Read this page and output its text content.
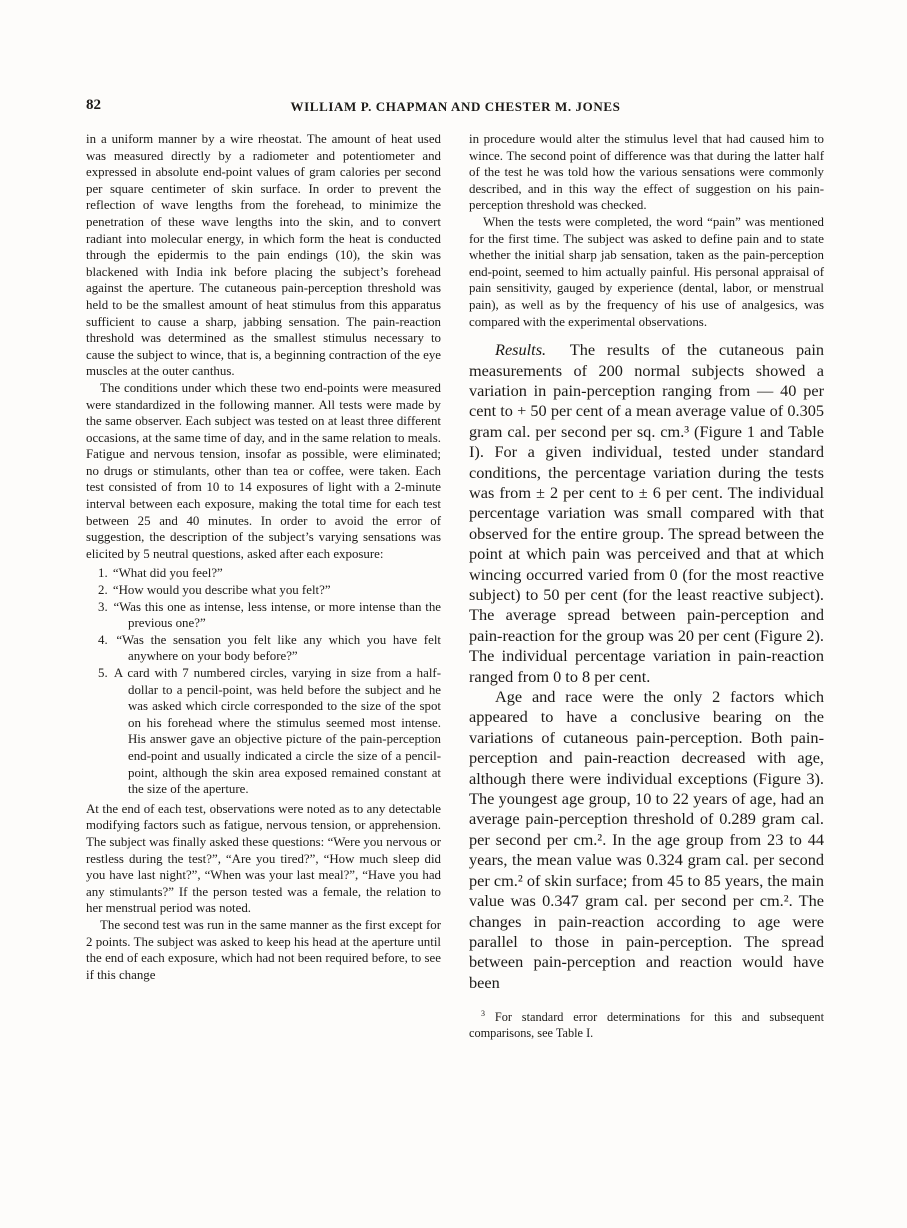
82	WILLIAM P. CHAPMAN AND CHESTER M. JONES

in a uniform manner by a wire rheostat. The amount of heat used was measured directly by a radiometer and potentiometer and expressed in absolute end-point values of gram calories per second per square centimeter of skin surface. In order to prevent the reflection of wave lengths from the forehead, to minimize the penetration of these wave lengths into the skin, and to convert radiant into molecular energy, in which form the heat is conducted through the epidermis to the pain endings (10), the skin was blackened with India ink before placing the subject’s forehead against the aperture. The cutaneous pain-perception threshold was held to be the smallest amount of heat stimulus from this apparatus sufficient to cause a sharp, jabbing sensation. The pain-reaction threshold was determined as the smallest stimulus necessary to cause the subject to wince, that is, a beginning contraction of the eye muscles at the outer canthus.

The conditions under which these two end-points were measured were standardized in the following manner. All tests were made by the same observer. Each subject was tested on at least three different occasions, at the same time of day, and in the same relation to meals. Fatigue and nervous tension, insofar as possible, were eliminated; no drugs or stimulants, other than tea or coffee, were taken. Each test consisted of from 10 to 14 exposures of light with a 2-minute interval between each exposure, making the total time for each test between 25 and 40 minutes. In order to avoid the error of suggestion, the description of the subject’s varying sensations was elicited by 5 neutral questions, asked after each exposure:

1. “What did you feel?”

2. “How would you describe what you felt?”

3. “Was this one as intense, less intense, or more intense than the previous one?”

4. “Was the sensation you felt like any which you have felt anywhere on your body before?”

5. A card with 7 numbered circles, varying in size from a half-dollar to a pencil-point, was held before the subject and he was asked which circle corresponded to the size of the spot on his forehead where the stimulus seemed most intense. His answer gave an objective picture of the pain-perception end-point and usually indicated a circle the size of a pencil-point, although the skin area exposed remained constant at the size of the aperture.

At the end of each test, observations were noted as to any detectable modifying factors such as fatigue, nervous tension, or apprehension. The subject was finally asked these questions: “Were you nervous or restless during the test?”, “Are you tired?”, “How much sleep did you have last night?”, “When was your last meal?”, “Have you had any stimulants?” If the person tested was a female, the relation to her menstrual period was noted.

The second test was run in the same manner as the first except for 2 points. The subject was asked to keep his head at the aperture until the end of each exposure, which had not been required before, to see if this change

in procedure would alter the stimulus level that had caused him to wince. The second point of difference was that during the latter half of the test he was told how the various sensations were commonly described, and in this way the effect of suggestion on his pain-perception threshold was checked.

When the tests were completed, the word “pain” was mentioned for the first time. The subject was asked to define pain and to state whether the initial sharp jab sensation, taken as the pain-perception end-point, seemed to him actually painful. His personal appraisal of pain sensitivity, gauged by experience (dental, labor, or menstrual pain), as well as by the frequency of his use of analgesics, was compared with the experimental observations.

Results. The results of the cutaneous pain measurements of 200 normal subjects showed a variation in pain-perception ranging from — 40 per cent to + 50 per cent of a mean average value of 0.305 gram cal. per second per sq. cm.³ (Figure 1 and Table I). For a given individual, tested under standard conditions, the percentage variation during the tests was from ± 2 per cent to ± 6 per cent. The individual percentage variation was small compared with that observed for the entire group. The spread between the point at which pain was perceived and that at which wincing occurred varied from 0 (for the most reactive subject) to 50 per cent (for the least reactive subject). The average spread between pain-perception and pain-reaction for the group was 20 per cent (Figure 2). The individual percentage variation in pain-reaction ranged from 0 to 8 per cent.

Age and race were the only 2 factors which appeared to have a conclusive bearing on the variations of cutaneous pain-perception. Both pain-perception and pain-reaction decreased with age, although there were individual exceptions (Figure 3). The youngest age group, 10 to 22 years of age, had an average pain-perception threshold of 0.289 gram cal. per second per cm.². In the age group from 23 to 44 years, the mean value was 0.324 gram cal. per second per cm.² of skin surface; from 45 to 85 years, the main value was 0.347 gram cal. per second per cm.². The changes in pain-reaction according to age were parallel to those in pain-perception. The spread between pain-perception and reaction would have been

$^3$ For standard error determinations for this and subsequent comparisons, see Table I.
